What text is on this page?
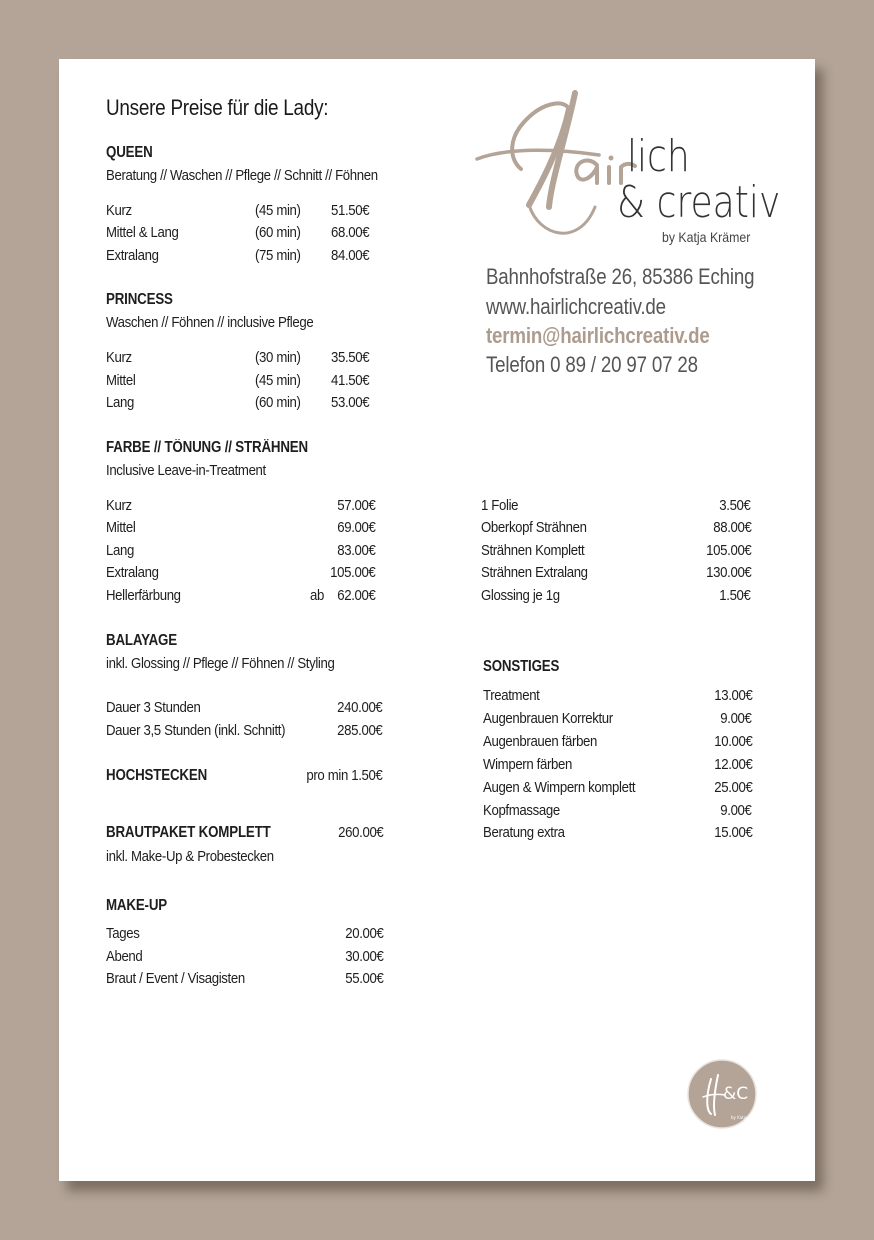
Unsere Preise für die Lady:
lich
& creativ
by Katja Krämer
Bahnhofstraße 26, 85386 Eching
www.hairlichcreativ.de
termin@hairlichcreativ.de
Telefon 0 89 / 20 97 07 28
QUEEN
Beratung // Waschen // Pflege // Schnitt // Föhnen
Kurz	(45 min) 51.50€
Mittel & Lang	(60 min) 68.00€
Extralang	(75 min) 84.00€
PRINCESS
Waschen // Föhnen // inclusive Pflege
Kurz	(30 min) 35.50€
Mittel	(45 min) 41.50€
Lang	(60 min) 53.00€
FARBE // TÖNUNG // STRÄHNEN
Inclusive Leave-in-Treatment
Kurz	57.00€
Mittel	69.00€
Lang	83.00€
Extralang	105.00€
Hellerfärbung	ab 62.00€
1 Folie	3.50€
Oberkopf Strähnen	88.00€
Strähnen Komplett	105.00€
Strähnen Extralang	130.00€
Glossing je 1g	1.50€
BALAYAGE
inkl. Glossing // Pflege // Föhnen // Styling
Dauer 3 Stunden	240.00€
Dauer 3,5 Stunden (inkl. Schnitt)	285.00€
HOCHSTECKEN	pro min 1.50€
BRAUTPAKET KOMPLETT	260.00€
inkl. Make-Up & Probestecken
MAKE-UP
Tages	20.00€
Abend	30.00€
Braut / Event / Visagisten	55.00€
SONSTIGES
Treatment	13.00€
Augenbrauen Korrektur	9.00€
Augenbrauen färben	10.00€
Wimpern färben	12.00€
Augen & Wimpern komplett	25.00€
Kopfmassage	9.00€
Beratung extra	15.00€
&C
by Katja Krämer
